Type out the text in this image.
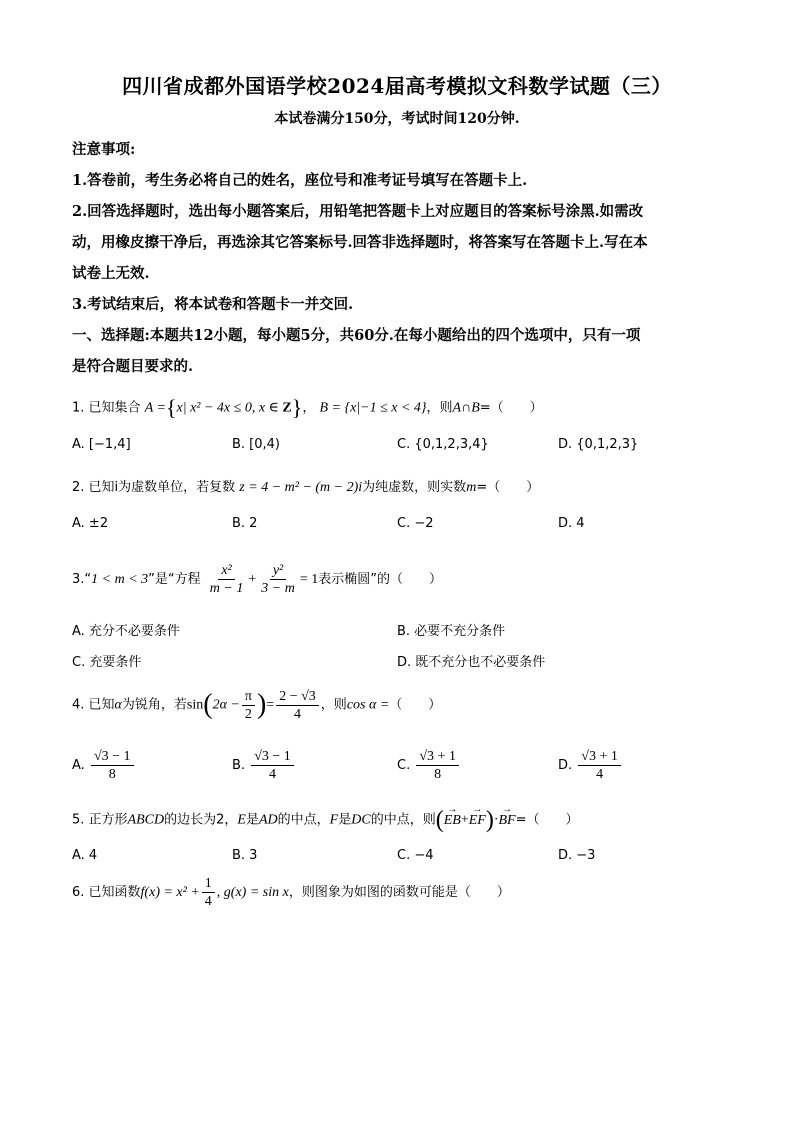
四川省成都外国语学校2024届高考模拟文科数学试题（三）
本试卷满分150分，考试时间120分钟.
注意事项:
1.答卷前，考生务必将自己的姓名，座位号和准考证号填写在答题卡上.
2.回答选择题时，选出每小题答案后，用铅笔把答题卡上对应题目的答案标号涂黑.如需改
动，用橡皮擦干净后，再选涂其它答案标号.回答非选择题时，将答案写在答题卡上.写在本
试卷上无效.
3.考试结束后，将本试卷和答题卡一并交回.
一、选择题:本题共12小题，每小题5分，共60分.在每小题给出的四个选项中，只有一项
是符合题目要求的.
1. 已知集合 A ={x| x² − 4x ≤ 0, x ∈ Z}， B = {x|−1 ≤ x < 4}，则A∩B=（　　）
A. [−1,4]	B. [0,4)	C. {0,1,2,3,4}	D. {0,1,2,3}
2. 已知i为虚数单位，若复数 z = 4 − m² − (m − 2)i为纯虚数，则实数m=（　　）
A. ±2	B. 2	C. −2	D. 4
3.“1 < m < 3”是“方程 $\frac{\text{x²}}{m - 1} + \frac{\text{y²}}{3 - m} = 1$表示椭圆”的（　　）
A. 充分不必要条件	B. 必要不充分条件
C. 充要条件	D. 既不充分也不必要条件
4. 已知α为锐角，若$\sin(2\alpha - \frac{\pi}{2}$ )= $\frac{2 - √3}{4}$ ，则cos α =（　　）
A. $\frac{√3 - 1}{8}$	B. $\frac{√3 - 1}{4}$	C. $\frac{√3 + 1}{8}$	D. $\frac{√3 + 1}{4}$
5. 正方形ABCD的边长为2，E是AD的中点，F是DC的中点，则(→ EB+→ EF)·→ BF=（　　）
A. 4	B. 3	C. −4	D. −3
6. 已知函数$f(x) = x^2 + \frac{1}{4}$ , g(x) = sin x，则图象为如图的函数可能是（　　）
